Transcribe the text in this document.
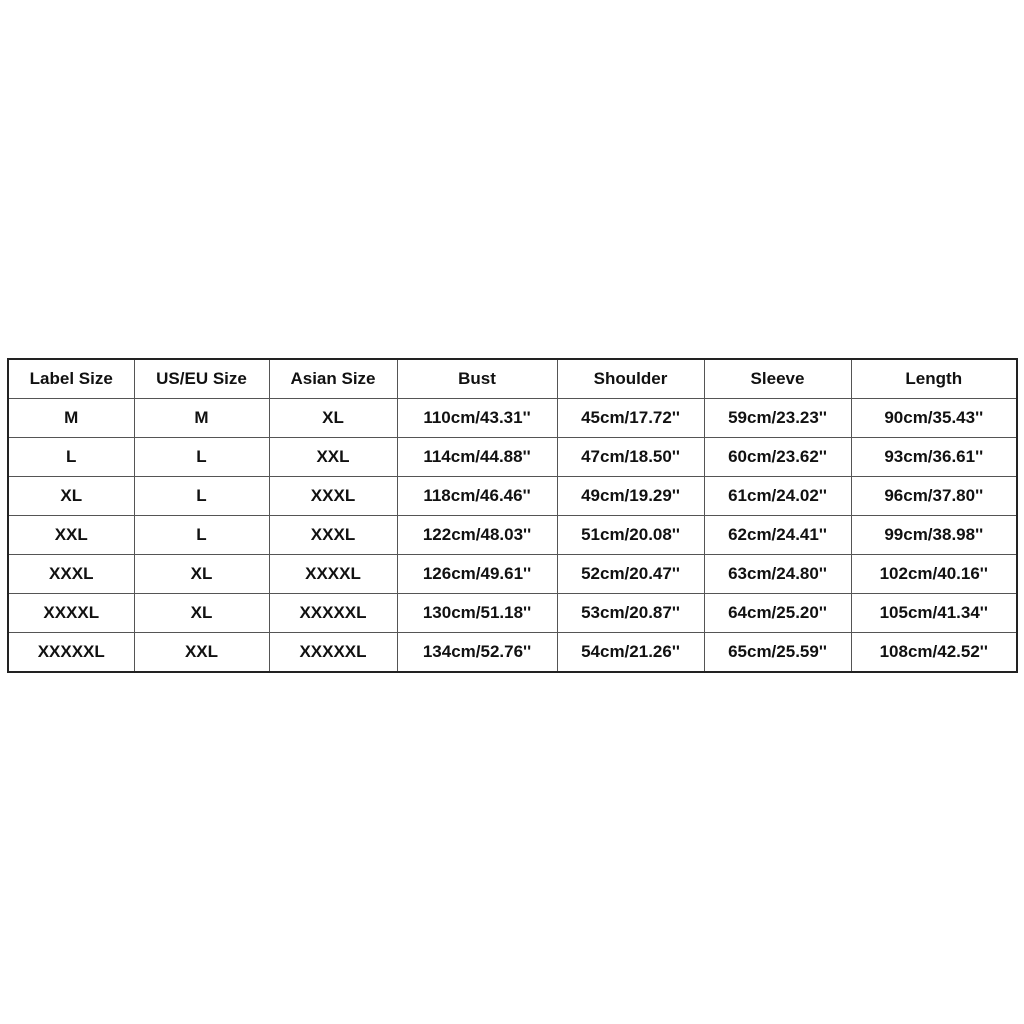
Label Size	US/EU Size	Asian Size	Bust	Shoulder	Sleeve	Length
M	M	XL	110cm/43.31''	45cm/17.72''	59cm/23.23''	90cm/35.43''
L	L	XXL	114cm/44.88''	47cm/18.50''	60cm/23.62''	93cm/36.61''
XL	L	XXXL	118cm/46.46''	49cm/19.29''	61cm/24.02''	96cm/37.80''
XXL	L	XXXL	122cm/48.03''	51cm/20.08''	62cm/24.41''	99cm/38.98''
XXXL	XL	XXXXL	126cm/49.61''	52cm/20.47''	63cm/24.80''	102cm/40.16''
XXXXL	XL	XXXXXL	130cm/51.18''	53cm/20.87''	64cm/25.20''	105cm/41.34''
XXXXXL	XXL	XXXXXL	134cm/52.76''	54cm/21.26''	65cm/25.59''	108cm/42.52''
